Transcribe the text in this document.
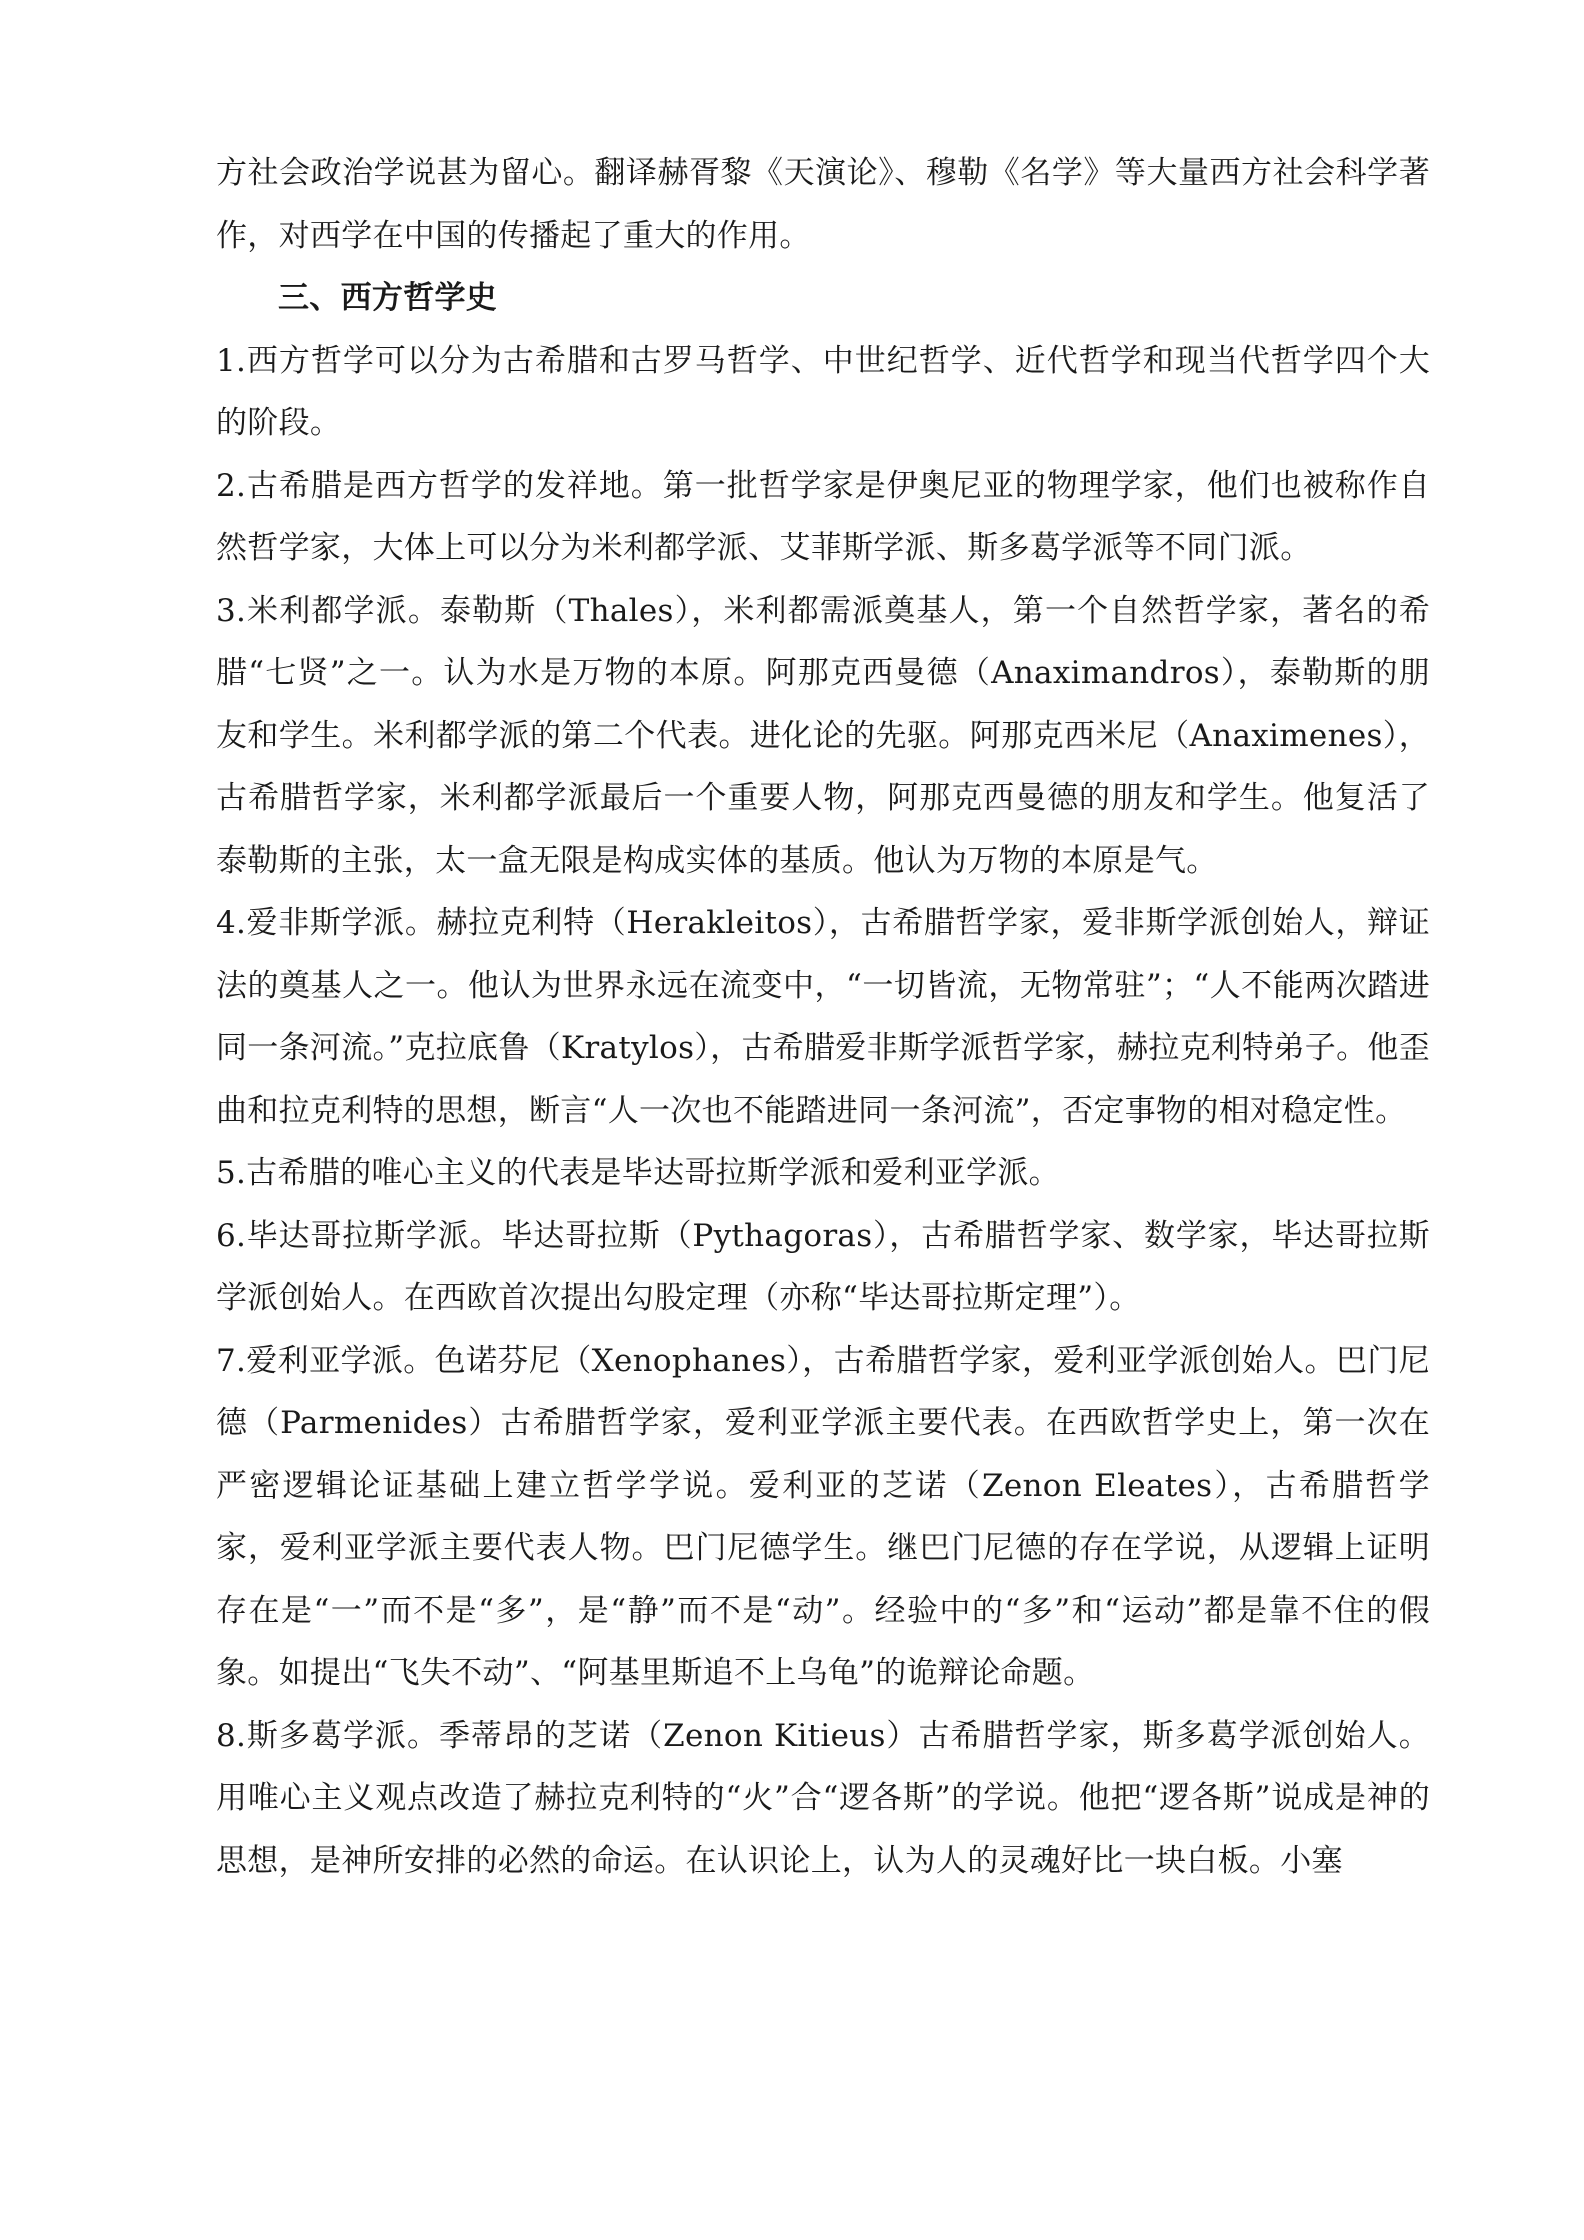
方社会政治学说甚为留心。翻译赫胥黎《天演论》、穆勒《名学》等大量西方社会科学著作，对西学在中国的传播起了重大的作用。

三、西方哲学史

1.西方哲学可以分为古希腊和古罗马哲学、中世纪哲学、近代哲学和现当代哲学四个大的阶段。

2.古希腊是西方哲学的发祥地。第一批哲学家是伊奥尼亚的物理学家，他们也被称作自然哲学家，大体上可以分为米利都学派、艾菲斯学派、斯多葛学派等不同门派。

3.米利都学派。泰勒斯（Thales），米利都需派奠基人，第一个自然哲学家，著名的希腊“七贤”之一。认为水是万物的本原。阿那克西曼德（Anaximandros），泰勒斯的朋友和学生。米利都学派的第二个代表。进化论的先驱。阿那克西米尼（Anaximenes），古希腊哲学家，米利都学派最后一个重要人物，阿那克西曼德的朋友和学生。他复活了泰勒斯的主张，太一盒无限是构成实体的基质。他认为万物的本原是气。

4.爱非斯学派。赫拉克利特（Herakleitos），古希腊哲学家，爱非斯学派创始人，辩证法的奠基人之一。他认为世界永远在流变中，“一切皆流，无物常驻”；“人不能两次踏进同一条河流。”克拉底鲁（Kratylos），古希腊爱非斯学派哲学家，赫拉克利特弟子。他歪曲和拉克利特的思想，断言“人一次也不能踏进同一条河流”，否定事物的相对稳定性。

5.古希腊的唯心主义的代表是毕达哥拉斯学派和爱利亚学派。

6.毕达哥拉斯学派。毕达哥拉斯（Pythagoras），古希腊哲学家、数学家，毕达哥拉斯学派创始人。在西欧首次提出勾股定理（亦称“毕达哥拉斯定理”）。

7.爱利亚学派。色诺芬尼（Xenophanes），古希腊哲学家，爱利亚学派创始人。巴门尼德（Parmenides）古希腊哲学家，爱利亚学派主要代表。在西欧哲学史上，第一次在严密逻辑论证基础上建立哲学学说。爱利亚的芝诺（Zenon Eleates），古希腊哲学家，爱利亚学派主要代表人物。巴门尼德学生。继巴门尼德的存在学说，从逻辑上证明存在是“一”而不是“多”，是“静”而不是“动”。经验中的“多”和“运动”都是靠不住的假象。如提出“飞失不动”、“阿基里斯追不上乌龟”的诡辩论命题。

8.斯多葛学派。季蒂昂的芝诺（Zenon Kitieus）古希腊哲学家，斯多葛学派创始人。用唯心主义观点改造了赫拉克利特的“火”合“逻各斯”的学说。他把“逻各斯”说成是神的思想，是神所安排的必然的命运。在认识论上，认为人的灵魂好比一块白板。小塞
